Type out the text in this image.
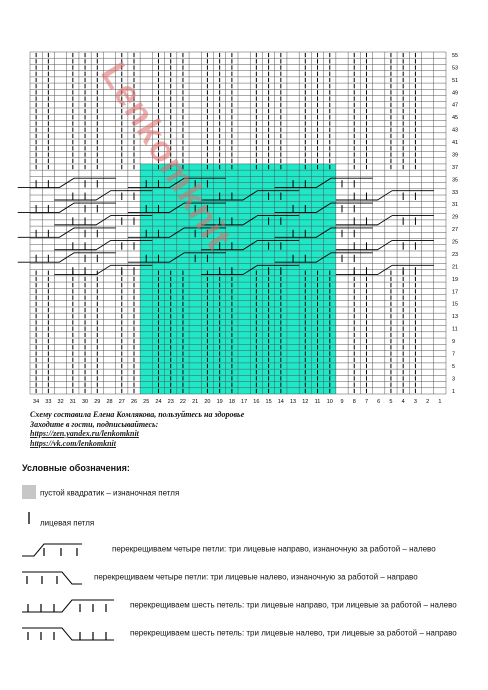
1
2
3
4
5
6
7
8
9
10
11
12
13
14
15
16
17
18
19
20
21
22
23
24
25
26
27
28
29
30
31
32
33
34
1
3
5
7
9
11
13
15
17
19
21
23
25
27
29
31
33
35
37
39
41
43
45
47
49
51
53
55
Lenkomknit
Схему составила Елена Комлякова, пользуйтесь на здоровье
Заходите в гости, подписывайтесь:
https://zen.yandex.ru/lenkomknit
https://vk.com/lenkomknit
Условные обозначения:
пустой квадратик – изнаночная петля
лицевая петля
перекрещиваем четыре петли: три лицевые направо, изнаночную за работой – налево
перекрещиваем четыре петли: три лицевые налево, изнаночную за работой – направо
перекрещиваем шесть петель: три лицевые направо, три лицевые за работой – налево
перекрещиваем шесть петель: три лицевые налево, три лицевые за работой – направо
